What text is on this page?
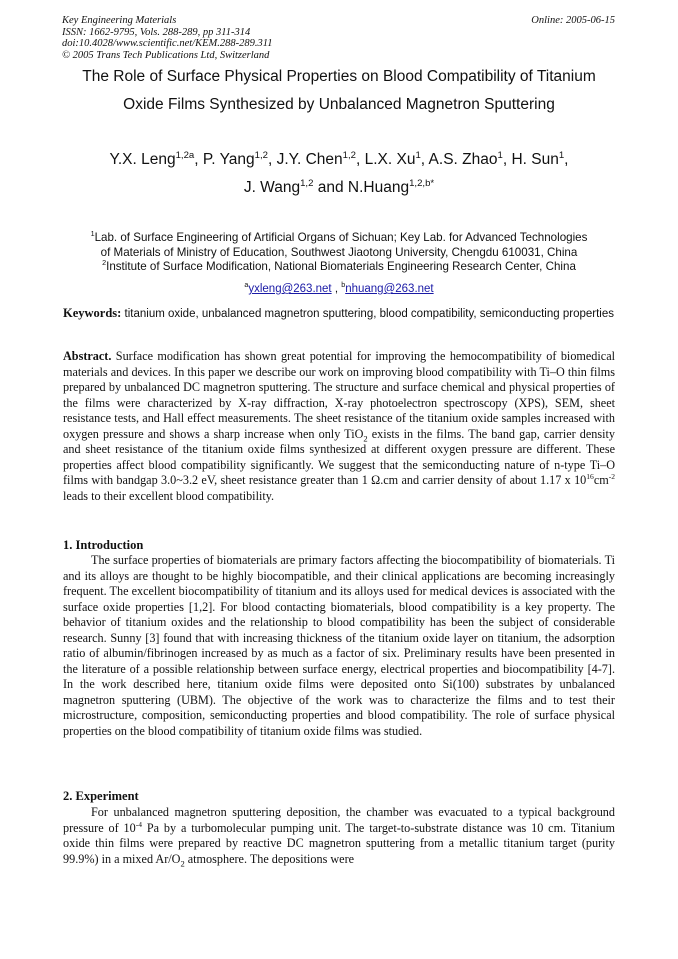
Key Engineering Materials
ISSN: 1662-9795, Vols. 288-289, pp 311-314
doi:10.4028/www.scientific.net/KEM.288-289.311
© 2005 Trans Tech Publications Ltd, Switzerland
Online: 2005-06-15
The Role of Surface Physical Properties on Blood Compatibility of Titanium
Oxide Films Synthesized by Unbalanced Magnetron Sputtering
Y.X. Leng$^{1,2a}$, P. Yang$^{1,2}$, J.Y. Chen$^{1,2}$, L.X. Xu$^1$, A.S. Zhao$^1$, H. Sun$^1$,
J. Wang$^{1,2}$ and N.Huang$^{1,2,b*}$
$^1$Lab. of Surface Engineering of Artificial Organs of Sichuan; Key Lab. for Advanced Technologies
of Materials of Ministry of Education, Southwest Jiaotong University, Chengdu 610031, China
$^2$Institute of Surface Modification, National Biomaterials Engineering Research Center, China
$^a$yxleng@263.net , $^b$nhuang@263.net
Keywords: titanium oxide, unbalanced magnetron sputtering, blood compatibility, semiconducting properties
Abstract. Surface modification has shown great potential for improving the hemocompatibility of biomedical materials and devices. In this paper we describe our work on improving blood compatibility with Ti–O thin films prepared by unbalanced DC magnetron sputtering. The structure and surface chemical and physical properties of the films were characterized by X-ray diffraction, X-ray photoelectron spectroscopy (XPS), SEM, sheet resistance tests, and Hall effect measurements. The sheet resistance of the titanium oxide samples increased with oxygen pressure and shows a sharp increase when only TiO$_2$ exists in the films. The band gap, carrier density and sheet resistance of the titanium oxide films synthesized at different oxygen pressure are different. These properties affect blood compatibility significantly. We suggest that the semiconducting nature of n-type Ti–O films with bandgap 3.0~3.2 eV, sheet resistance greater than 1 Ω.cm and carrier density of about 1.17 x $10^{16}cm^{-2}$ leads to their excellent blood compatibility.
1. Introduction
The surface properties of biomaterials are primary factors affecting the biocompatibility of biomaterials. Ti and its alloys are thought to be highly biocompatible, and their clinical applications are becoming increasingly frequent. The excellent biocompatibility of titanium and its alloys used for medical devices is associated with the surface oxide properties [1,2]. For blood contacting biomaterials, blood compatibility is a key property. The behavior of titanium oxides and the relationship to blood compatibility has been the subject of considerable research. Sunny [3] found that with increasing thickness of the titanium oxide layer on titanium, the adsorption ratio of albumin/fibrinogen increased by as much as a factor of six. Preliminary results have been presented in the literature of a possible relationship between surface energy, electrical properties and biocompatibility [4-7]. In the work described here, titanium oxide films were deposited onto Si(100) substrates by unbalanced magnetron sputtering (UBM). The objective of the work was to characterize the films and to test their microstructure, composition, semiconducting properties and blood compatibility. The role of surface physical properties on the blood compatibility of titanium oxide films was studied.
2. Experiment
For unbalanced magnetron sputtering deposition, the chamber was evacuated to a typical background pressure of $10^{-4}$ Pa by a turbomolecular pumping unit. The target-to-substrate distance was 10 cm. Titanium oxide thin films were prepared by reactive DC magnetron sputtering from a metallic titanium target (purity 99.9%) in a mixed $Ar/O_2$ atmosphere. The depositions were
